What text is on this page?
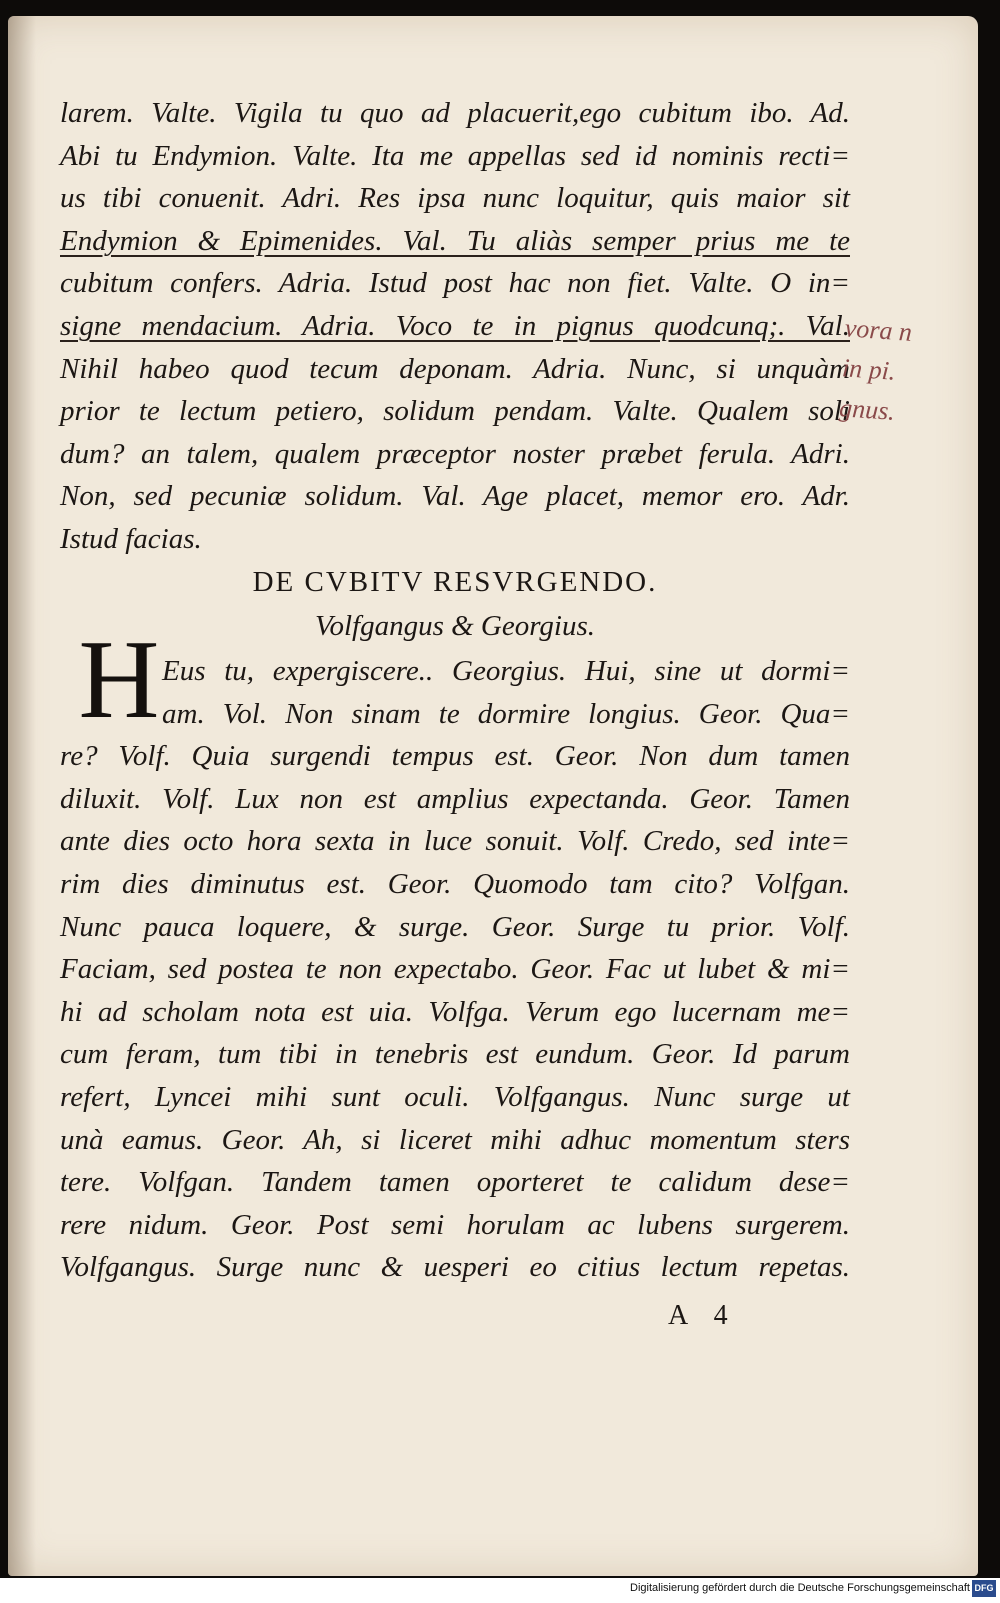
larem. Valte. Vigila tu quo ad placuerit,ego cubitum ibo. Ad.
Abi tu Endymion. Valte. Ita me appellas sed id nominis recti=
us tibi conuenit. Adri. Res ipsa nunc loquitur, quis maior sit
Endymion & Epimenides. Val. Tu aliàs semper prius me te
cubitum confers. Adria. Istud post hac non fiet. Valte. O in=
signe mendacium. Adria. Voco te in pignus quodcunq;. Val.
Nihil habeo quod tecum deponam. Adria. Nunc, si unquàm
prior te lectum petiero, solidum pendam. Valte. Qualem soli
dum? an talem, qualem præceptor noster præbet ferula. Adri.
Non, sed pecuniæ solidum. Val. Age placet, memor ero. Adr.
Istud facias.
DE CVBITV RESVRGENDO.
Volfgangus & Georgius.
H Eus tu, expergiscere.. Georgius. Hui, sine ut dormi=
am. Vol. Non sinam te dormire longius. Geor. Qua=
re? Volf. Quia surgendi tempus est. Geor. Non dum tamen
diluxit. Volf. Lux non est amplius expectanda. Geor. Tamen
ante dies octo hora sexta in luce sonuit. Volf. Credo, sed inte=
rim dies diminutus est. Geor. Quomodo tam cito? Volfgan.
Nunc pauca loquere, & surge. Geor. Surge tu prior. Volf.
Faciam, sed postea te non expectabo. Geor. Fac ut lubet & mi=
hi ad scholam nota est uia. Volfga. Verum ego lucernam me=
cum feram, tum tibi in tenebris est eundum. Geor. Id parum
refert, Lyncei mihi sunt oculi. Volfgangus. Nunc surge ut
unà eamus. Geor. Ah, si liceret mihi adhuc momentum sters
tere. Volfgan. Tandem tamen oporteret te calidum dese=
rere nidum. Geor. Post semi horulam ac lubens surgerem.
Volfgangus. Surge nunc & uesperi eo citius lectum repetas.
A 4
vora n
in pi.
gnus.
Digitalisierung gefördert durch die Deutsche Forschungsgemeinschaft DFG
